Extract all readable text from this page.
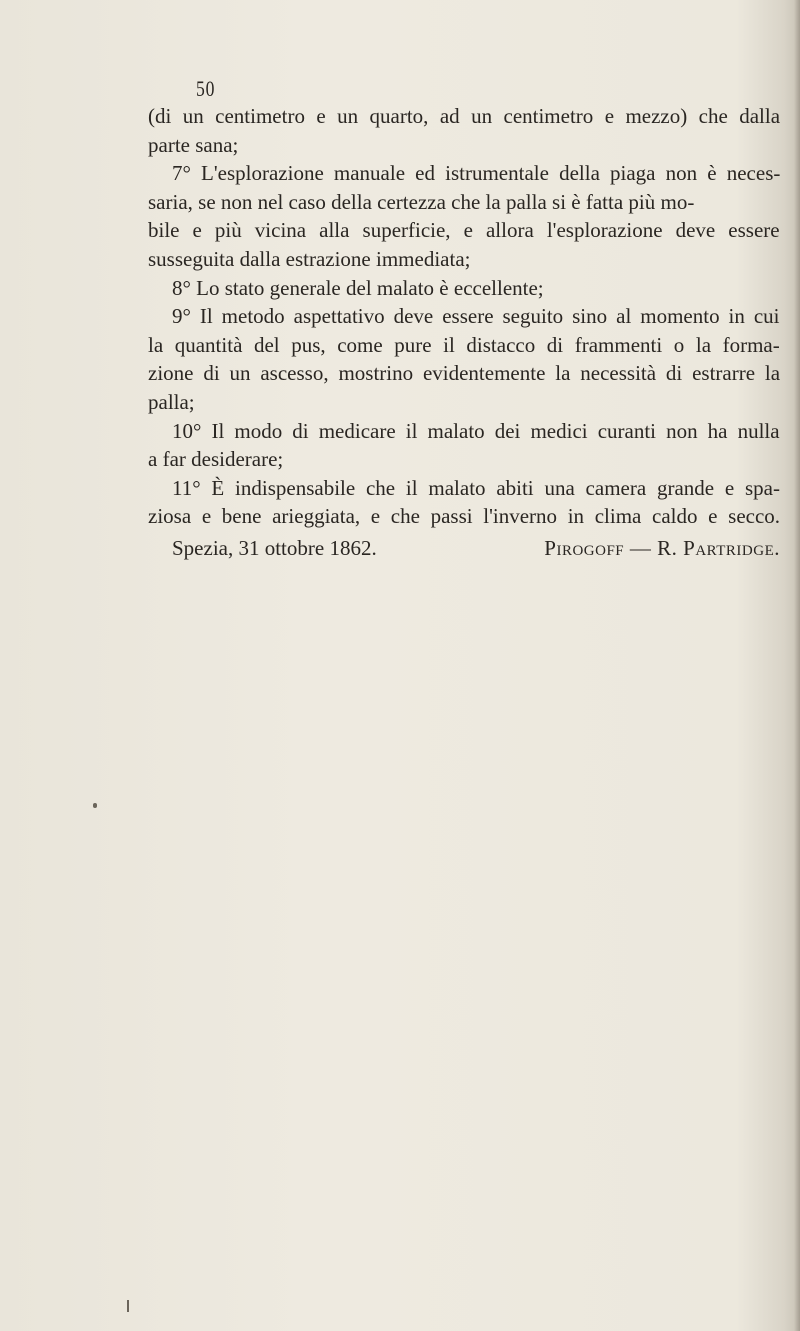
50
(di un centimetro e un quarto, ad un centimetro e mezzo) che dalla
parte sana;
7° L'esplorazione manuale ed istrumentale della piaga non è neces-
saria, se non nel caso della certezza che la palla si è fatta più mo-
bile e più vicina alla superficie, e allora l'esplorazione deve essere
susseguita dalla estrazione immediata;
8° Lo stato generale del malato è eccellente;
9° Il metodo aspettativo deve essere seguito sino al momento in cui
la quantità del pus, come pure il distacco di frammenti o la forma-
zione di un ascesso, mostrino evidentemente la necessità di estrarre la
palla;
10° Il modo di medicare il malato dei medici curanti non ha nulla
a far desiderare;
11° È indispensabile che il malato abiti una camera grande e spa-
ziosa e bene arieggiata, e che passi l'inverno in clima caldo e secco.
Spezia, 31 ottobre 1862.	Pirogoff — R. Partridge.
